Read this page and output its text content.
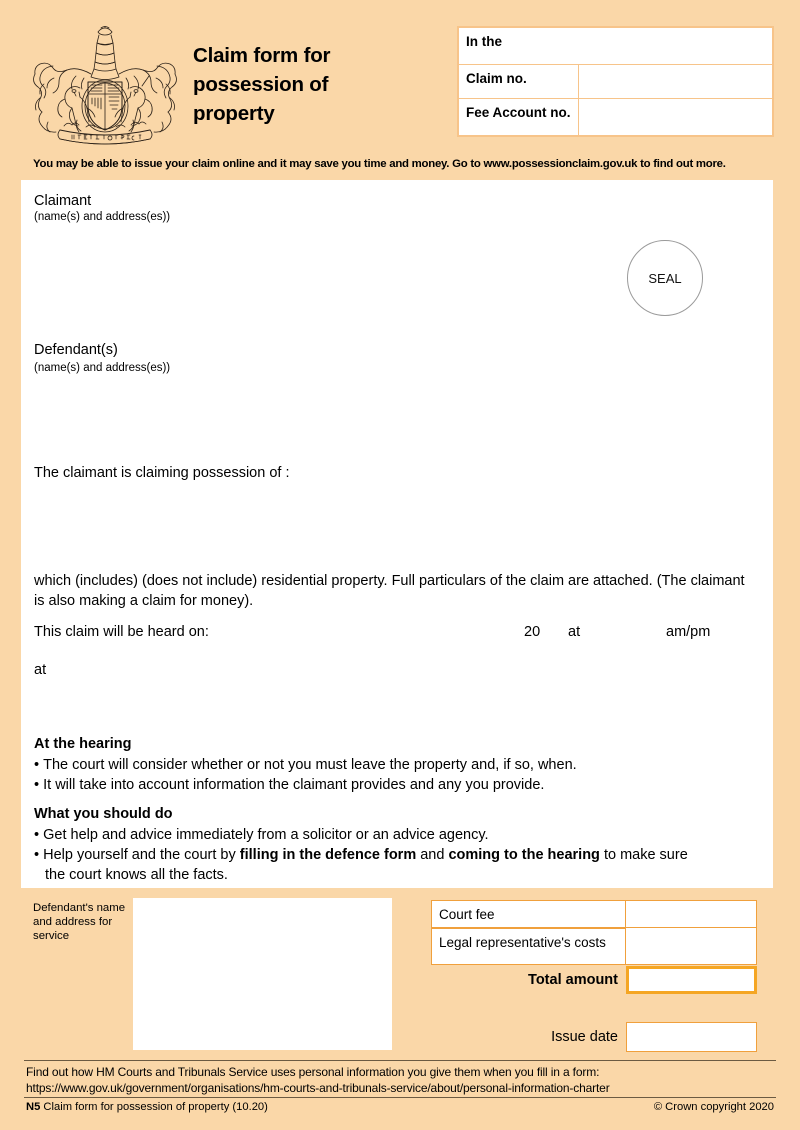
Claim form for
possession of
property
In the
Claim no.
Fee Account no.
You may be able to issue your claim online and it may save you time and money. Go to www.possessionclaim.gov.uk to find out more.
Claimant
(name(s) and address(es))
SEAL
Defendant(s)
(name(s) and address(es))
The claimant is claiming possession of :
which (includes) (does not include) residential property. Full particulars of the claim are attached. (The claimant is also making a claim for money).
This claim will be heard on:	20 at	am/pm
at
At the hearing
• The court will consider whether or not you must leave the property and, if so, when.
• It will take into account information the claimant provides and any you provide.
What you should do
• Get help and advice immediately from a solicitor or an advice agency.
• Help yourself and the court by filling in the defence form and coming to the hearing to make sure
the court knows all the facts.
Defendant's name and address for service
Court fee
Legal representative's costs
Total amount
Issue date
Find out how HM Courts and Tribunals Service uses personal information you give them when you fill in a form:
https://www.gov.uk/government/organisations/hm-courts-and-tribunals-service/about/personal-information-charter
N5 Claim form for possession of property (10.20)	© Crown copyright 2020
